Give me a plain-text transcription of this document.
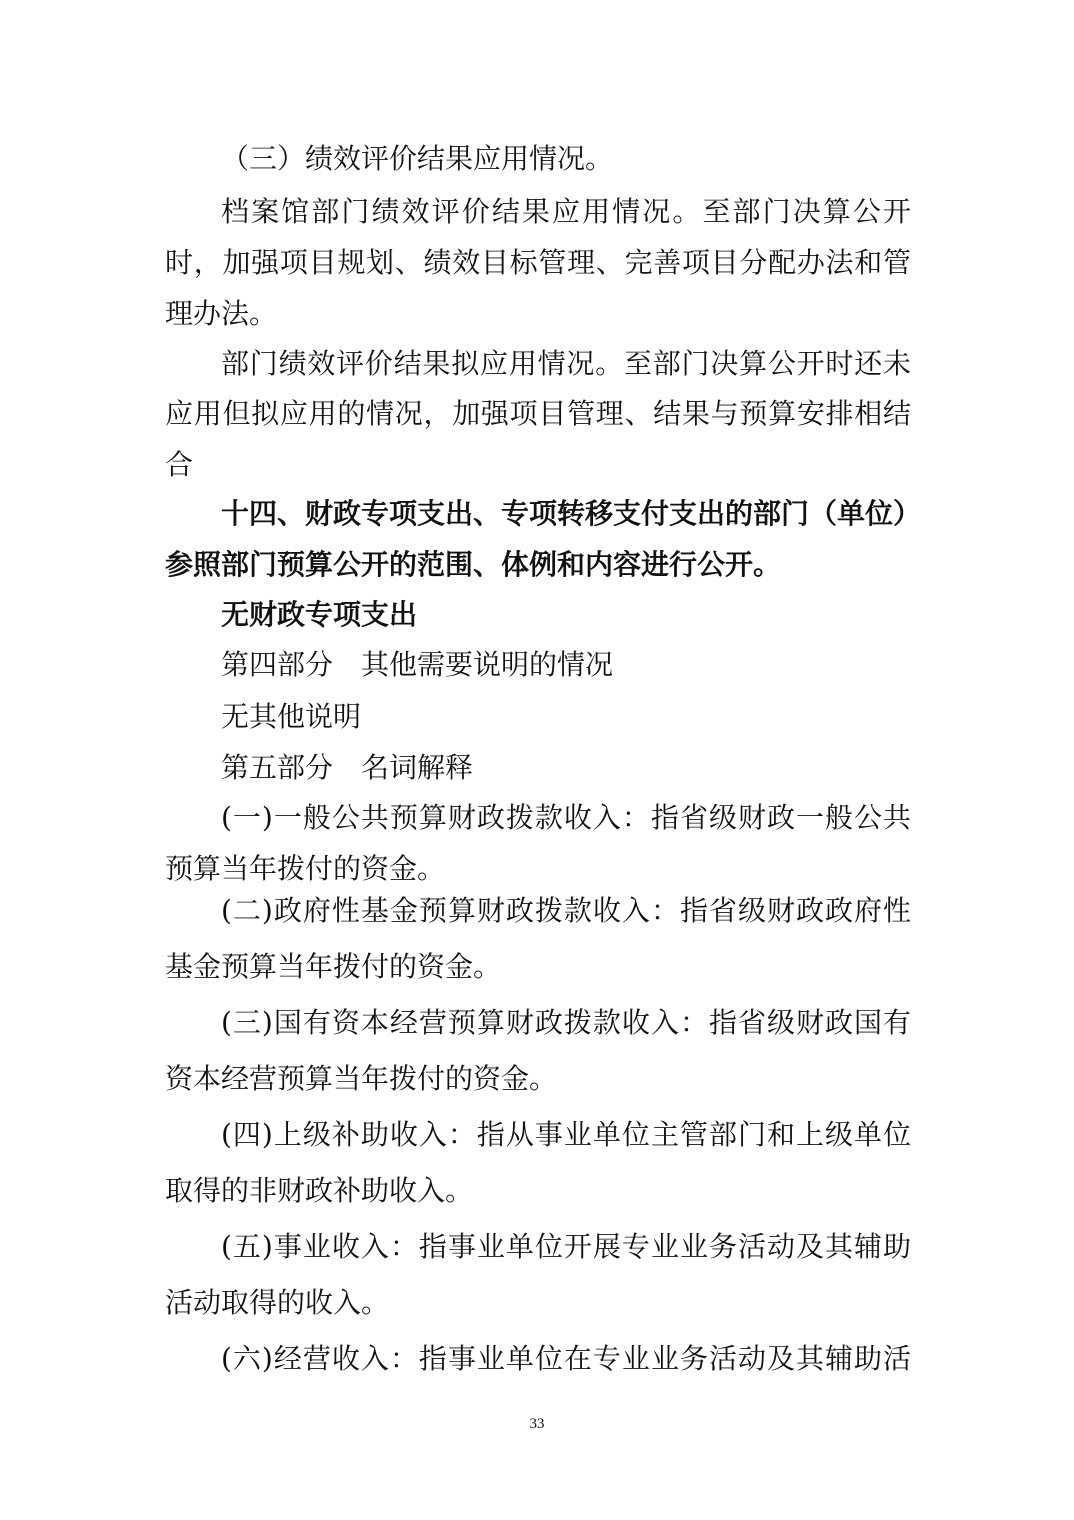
（三）绩效评价结果应用情况。
档案馆部门绩效评价结果应用情况。至部门决算公开
时，加强项目规划、绩效目标管理、完善项目分配办法和管
理办法。
部门绩效评价结果拟应用情况。至部门决算公开时还未
应用但拟应用的情况，加强项目管理、结果与预算安排相结
合
十四、财政专项支出、专项转移支付支出的部门（单位）
参照部门预算公开的范围、体例和内容进行公开。
无财政专项支出
第四部分　其他需要说明的情况
无其他说明
第五部分　名词解释
(一)一般公共预算财政拨款收入：指省级财政一般公共
预算当年拨付的资金。
(二)政府性基金预算财政拨款收入：指省级财政政府性
基金预算当年拨付的资金。
(三)国有资本经营预算财政拨款收入：指省级财政国有
资本经营预算当年拨付的资金。
(四)上级补助收入：指从事业单位主管部门和上级单位
取得的非财政补助收入。
(五)事业收入：指事业单位开展专业业务活动及其辅助
活动取得的收入。
(六)经营收入：指事业单位在专业业务活动及其辅助活
33
